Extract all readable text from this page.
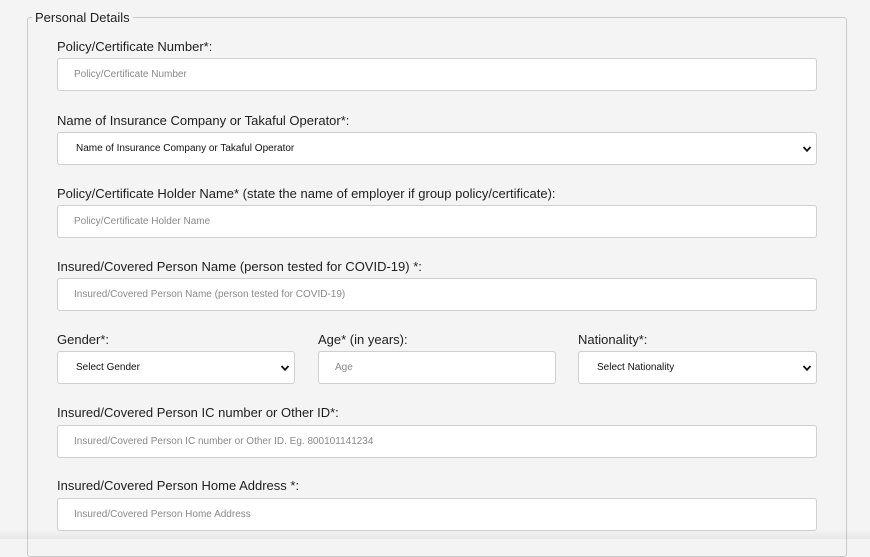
Personal Details
Policy/Certificate Number*:
Policy/Certificate Number
Name of Insurance Company or Takaful Operator*:
Name of Insurance Company or Takaful Operator
Policy/Certificate Holder Name* (state the name of employer if group policy/certificate):
Policy/Certificate Holder Name
Insured/Covered Person Name (person tested for COVID-19) *:
Insured/Covered Person Name (person tested for COVID-19)
Gender*:
Select Gender
Age* (in years):
Age
Nationality*:
Select Nationality
Insured/Covered Person IC number or Other ID*:
Insured/Covered Person IC number or Other ID. Eg. 800101141234
Insured/Covered Person Home Address *:
Insured/Covered Person Home Address
